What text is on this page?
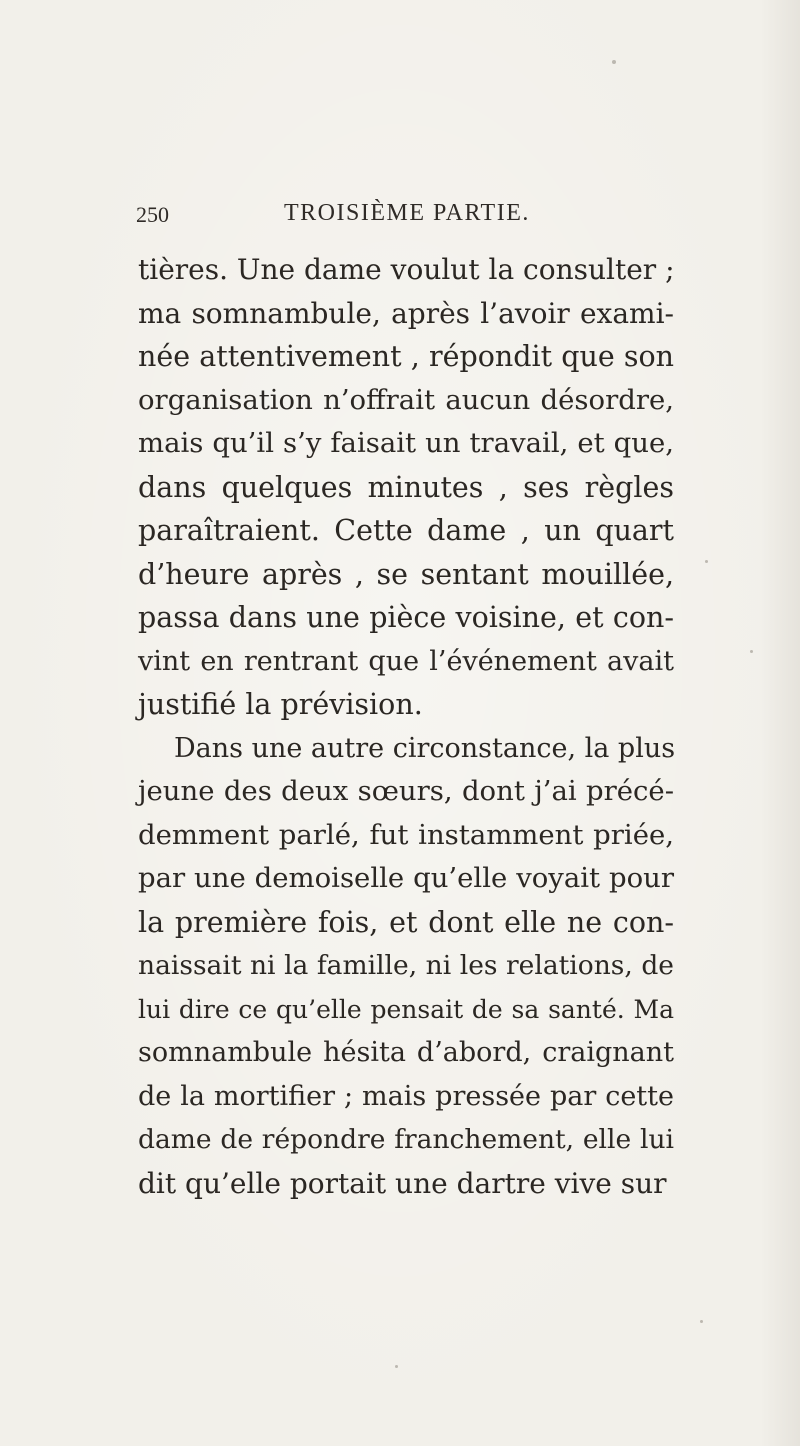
250	TROISIÈME PARTIE.
tières. Une dame voulut la consulter ;
ma somnambule, après l’avoir exami-
née attentivement , répondit que son
organisation n’offrait aucun désordre,
mais qu’il s’y faisait un travail, et que,
dans quelques minutes , ses règles
paraîtraient. Cette dame , un quart
d’heure après , se sentant mouillée,
passa dans une pièce voisine, et con-
vint en rentrant que l’événement avait
justifié la prévision.
Dans une autre circonstance, la plus
jeune des deux sœurs, dont j’ai précé-
demment parlé, fut instamment priée,
par une demoiselle qu’elle voyait pour
la première fois, et dont elle ne con-
naissait ni la famille, ni les relations, de
lui dire ce qu’elle pensait de sa santé. Ma
somnambule hésita d’abord, craignant
de la mortifier ; mais pressée par cette
dame de répondre franchement, elle lui
dit qu’elle portait une dartre vive sur
